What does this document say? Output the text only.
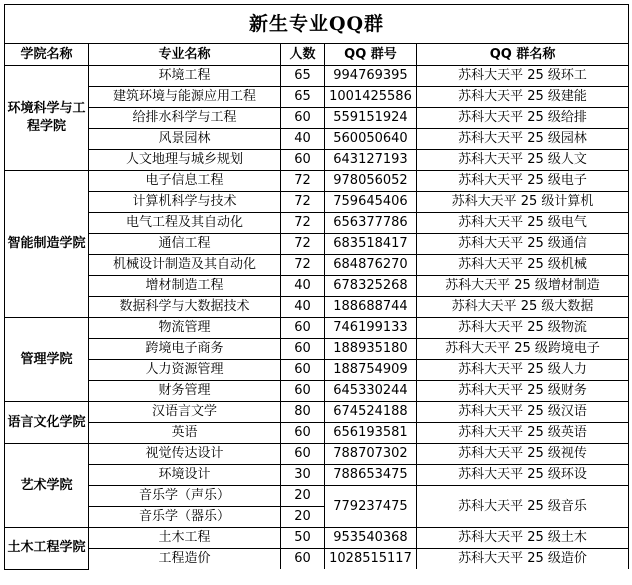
新生专业QQ群				
学院名称	专业名称	人数	QQ 群号	QQ 群名称
环境科学与工程学院	环境工程	65	994769395	苏科大天平 25 级环工
	建筑环境与能源应用工程	65	1001425586	苏科大天平 25 级建能
	给排水科学与工程	60	559151924	苏科大天平 25 级给排
	风景园林	40	560050640	苏科大天平 25 级园林
	人文地理与城乡规划	60	643127193	苏科大天平 25 级人文
智能制造学院	电子信息工程	72	978056052	苏科大天平 25 级电子
	计算机科学与技术	72	759645406	苏科大天平 25 级计算机
	电气工程及其自动化	72	656377786	苏科大天平 25 级电气
	通信工程	72	683518417	苏科大天平 25 级通信
	机械设计制造及其自动化	72	684876270	苏科大天平 25 级机械
	增材制造工程	40	678325268	苏科大天平 25 级增材制造
	数据科学与大数据技术	40	188688744	苏科大天平 25 级大数据
管理学院	物流管理	60	746199133	苏科大天平 25 级物流
	跨境电子商务	60	188935180	苏科大天平 25 级跨境电子
	人力资源管理	60	188754909	苏科大天平 25 级人力
	财务管理	60	645330244	苏科大天平 25 级财务
语言文化学院	汉语言文学	80	674524188	苏科大天平 25 级汉语
	英语	60	656193581	苏科大天平 25 级英语
艺术学院	视觉传达设计	60	788707302	苏科大天平 25 级视传
	环境设计	30	788653475	苏科大天平 25 级环设
	音乐学（声乐）	20	779237475	苏科大天平 25 级音乐
	音乐学（器乐）	20		
土木工程学院	土木工程	50	953540368	苏科大天平 25 级土木
	工程造价	60	1028515117	苏科大天平 25 级造价
